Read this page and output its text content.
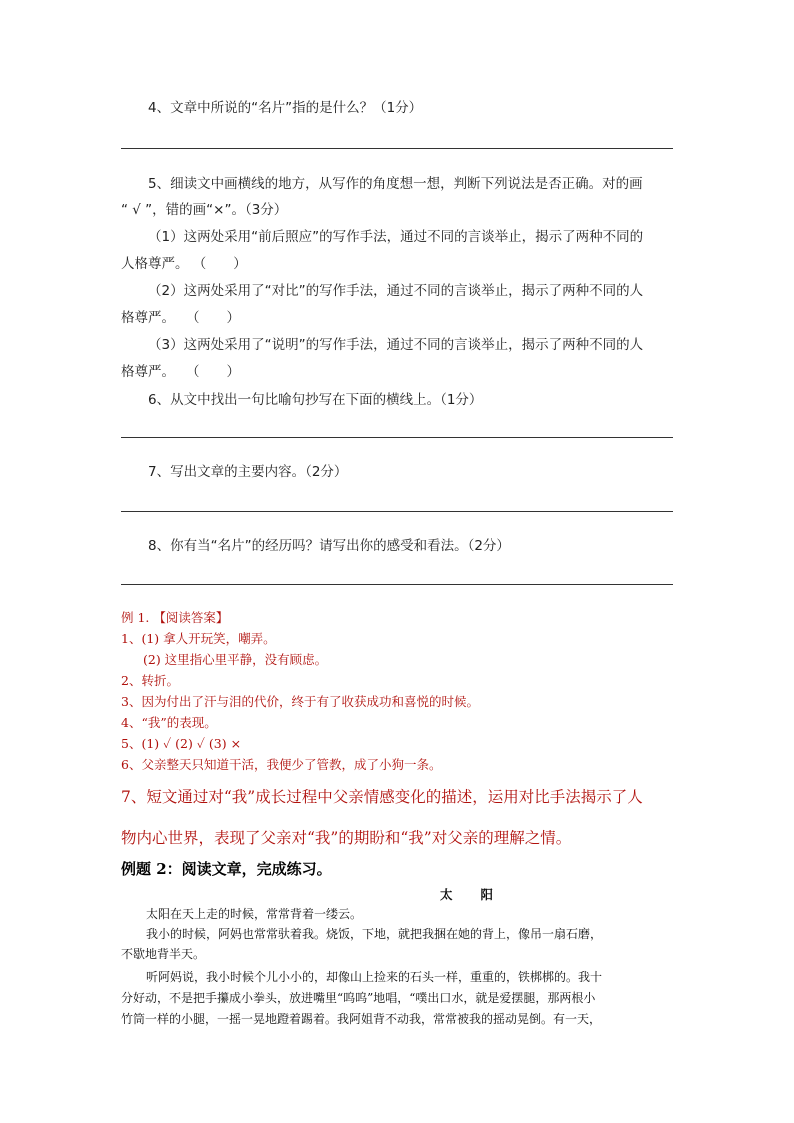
4、文章中所说的“名片”指的是什么？（1分）
5、细读文中画横线的地方，从写作的角度想一想，判断下列说法是否正确。对的画
“ √ ”，错的画“×”。（3分）
（1）这两处采用“前后照应”的写作手法，通过不同的言谈举止，揭示了两种不同的
人格尊严。 （　　）
（2）这两处采用了“对比”的写作手法，通过不同的言谈举止，揭示了两种不同的人
格尊严。　 （　　）
（3）这两处采用了“说明”的写作手法，通过不同的言谈举止，揭示了两种不同的人
格尊严。　 （　　）
6、从文中找出一句比喻句抄写在下面的横线上。（1分）
7、写出文章的主要内容。（2分）
8、你有当“名片”的经历吗？请写出你的感受和看法。（2分）
例 1. 【阅读答案】
1、(1) 拿人开玩笑，嘲弄。
(2) 这里指心里平静，没有顾虑。
2、转折。
3、因为付出了汗与泪的代价，终于有了收获成功和喜悦的时候。
4、“我”的表现。
5、(1) ✓ (2) ✓ (3) ×
6、父亲整天只知道干活，我便少了管教，成了小狗一条。
7、短文通过对“我”成长过程中父亲情感变化的描述，运用对比手法揭示了人
物内心世界，表现了父亲对“我”的期盼和“我”对父亲的理解之情。
例题 2：阅读文章，完成练习。
太阳
太阳在天上走的时候，常常背着一缕云。
我小的时候，阿妈也常常驮着我。烧饭，下地，就把我捆在她的背上，像吊一扇石磨，
不歇地背半天。
听阿妈说，我小时候个儿小小的，却像山上捡来的石头一样，重重的，铁梆梆的。我十
分好动，不是把手攥成小拳头，放进嘴里“呜呜”地唱，“噗出口水，就是爱摆腿，那两根小
竹筒一样的小腿，一摇一晃地蹬着踢着。我阿姐背不动我，常常被我的摇动晃倒。有一天，
